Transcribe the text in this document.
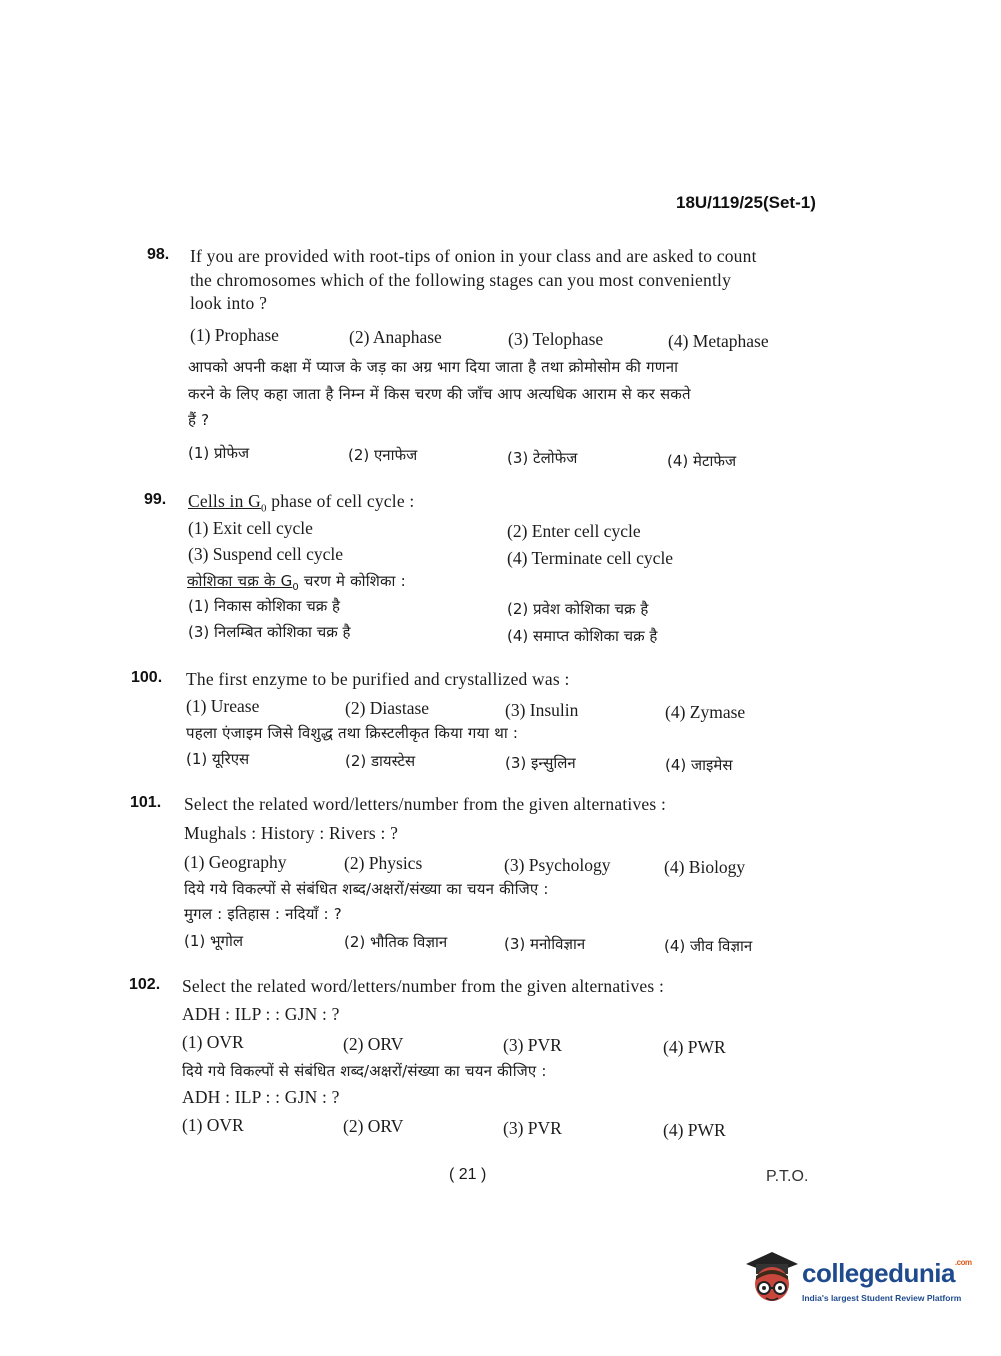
18U/119/25(Set-1)
98. If you are provided with root-tips of onion in your class and are asked to count
the chromosomes which of the following stages can you most conveniently
look into ?
(1) Prophase	(2) Anaphase	(3) Telophase	(4) Metaphase
आपको अपनी कक्षा में प्याज के जड़ का अग्र भाग दिया जाता है तथा क्रोमोसोम की गणना
करने के लिए कहा जाता है निम्न में किस चरण की जाँच आप अत्यधिक आराम से कर सकते
हैं ?
(1) प्रोफेज	(2) एनाफेज	(3) टेलोफेज	(4) मेटाफेज
99. Cells in $G_0$ phase of cell cycle :
(1) Exit cell cycle	(2) Enter cell cycle
(3) Suspend cell cycle	(4) Terminate cell cycle
कोशिका चक्र के $G_0$ चरण मे कोशिका :
(1) निकास कोशिका चक्र है	(2) प्रवेश कोशिका चक्र है
(3) निलम्बित कोशिका चक्र है	(4) समाप्त कोशिका चक्र है
100. The first enzyme to be purified and crystallized was :
(1) Urease	(2) Diastase	(3) Insulin	(4) Zymase
पहला एंजाइम जिसे विशुद्ध तथा क्रिस्टलीकृत किया गया था :
(1) यूरिएस	(2) डायस्टेस	(3) इन्सुलिन	(4) जाइमेस
101. Select the related word/letters/number from the given alternatives :
Mughals : History : Rivers : ?
(1) Geography	(2) Physics	(3) Psychology	(4) Biology
दिये गये विकल्पों से संबंधित शब्द/अक्षरों/संख्या का चयन कीजिए :
मुगल : इतिहास : नदियाँ : ?
(1) भूगोल	(2) भौतिक विज्ञान	(3) मनोविज्ञान	(4) जीव विज्ञान
102. Select the related word/letters/number from the given alternatives :
ADH : ILP : : GJN : ?
(1) OVR	(2) ORV	(3) PVR	(4) PWR
दिये गये विकल्पों से संबंधित शब्द/अक्षरों/संख्या का चयन कीजिए :
ADH : ILP : : GJN : ?
(1) OVR	(2) ORV	(3) PVR	(4) PWR
( 21 )	P.T.O.
collegedunia$^{.com}$
India's largest Student Review Platform
